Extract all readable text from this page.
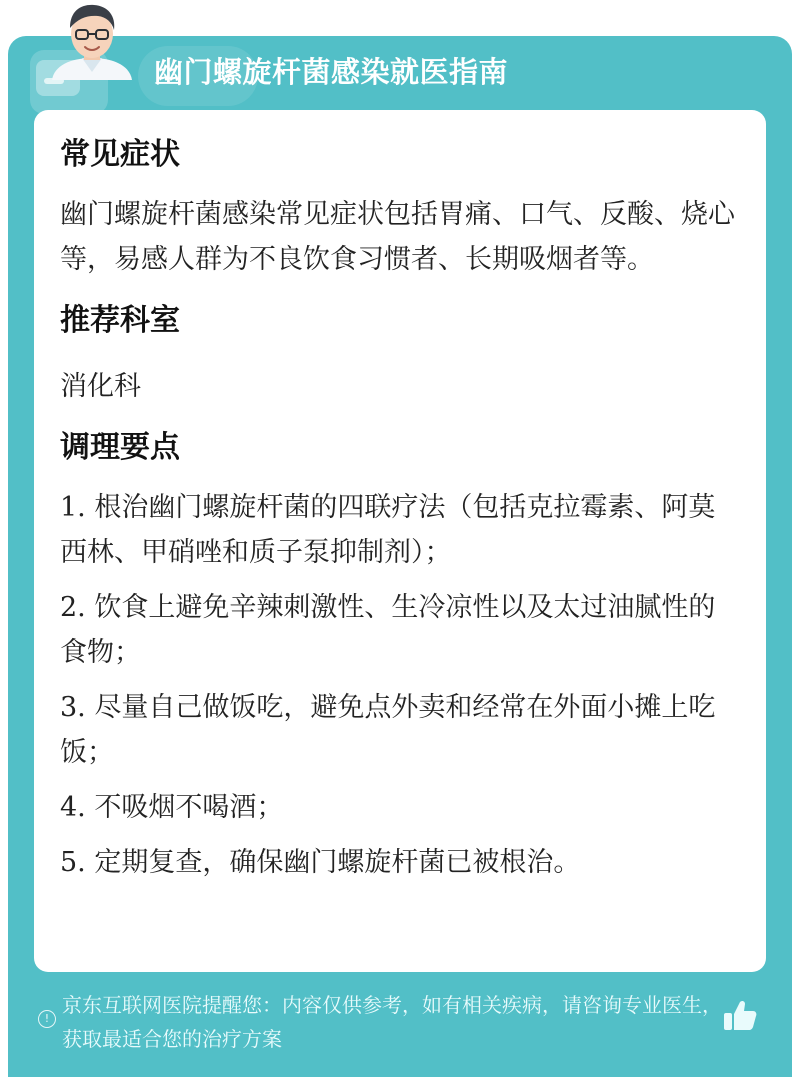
幽门螺旋杆菌感染就医指南
常见症状

幽门螺旋杆菌感染常见症状包括胃痛、口气、反酸、烧心等，易感人群为不良饮食习惯者、长期吸烟者等。

推荐科室

消化科

调理要点

1. 根治幽门螺旋杆菌的四联疗法（包括克拉霉素、阿莫西林、甲硝唑和质子泵抑制剂）；

2. 饮食上避免辛辣刺激性、生冷凉性以及太过油腻性的食物；

3. 尽量自己做饭吃，避免点外卖和经常在外面小摊上吃饭；

4. 不吸烟不喝酒；

5. 定期复查，确保幽门螺旋杆菌已被根治。

!
京东互联网医院提醒您：内容仅供参考，如有相关疾病，请咨询专业医生，获取最适合您的治疗方案
